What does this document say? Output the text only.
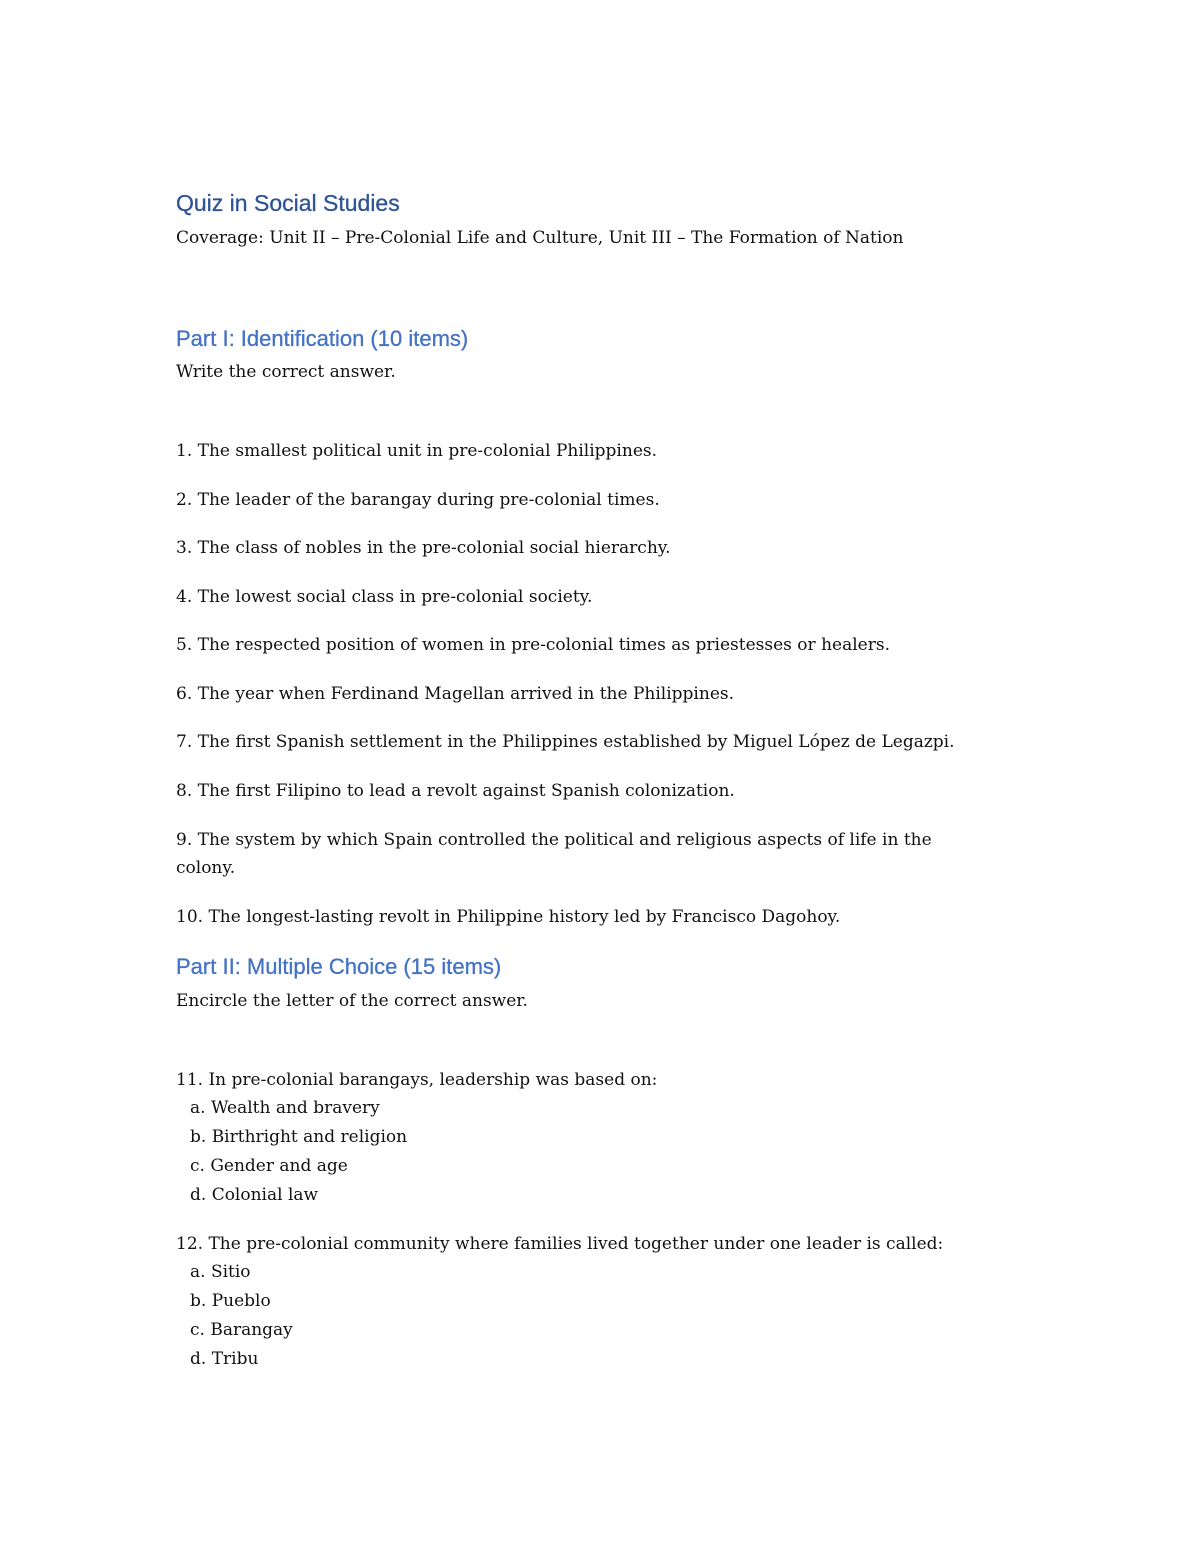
Quiz in Social Studies

Coverage: Unit II – Pre-Colonial Life and Culture, Unit III – The Formation of Nation

Part I: Identification (10 items)

Write the correct answer.

1. The smallest political unit in pre-colonial Philippines.

2. The leader of the barangay during pre-colonial times.

3. The class of nobles in the pre-colonial social hierarchy.

4. The lowest social class in pre-colonial society.

5. The respected position of women in pre-colonial times as priestesses or healers.

6. The year when Ferdinand Magellan arrived in the Philippines.

7. The first Spanish settlement in the Philippines established by Miguel López de Legazpi.

8. The first Filipino to lead a revolt against Spanish colonization.

9. The system by which Spain controlled the political and religious aspects of life in the colony.

10. The longest-lasting revolt in Philippine history led by Francisco Dagohoy.

Part II: Multiple Choice (15 items)

Encircle the letter of the correct answer.

11. In pre-colonial barangays, leadership was based on:
a. Wealth and bravery
b. Birthright and religion
c. Gender and age
d. Colonial law
12. The pre-colonial community where families lived together under one leader is called:
a. Sitio
b. Pueblo
c. Barangay
d. Tribu
